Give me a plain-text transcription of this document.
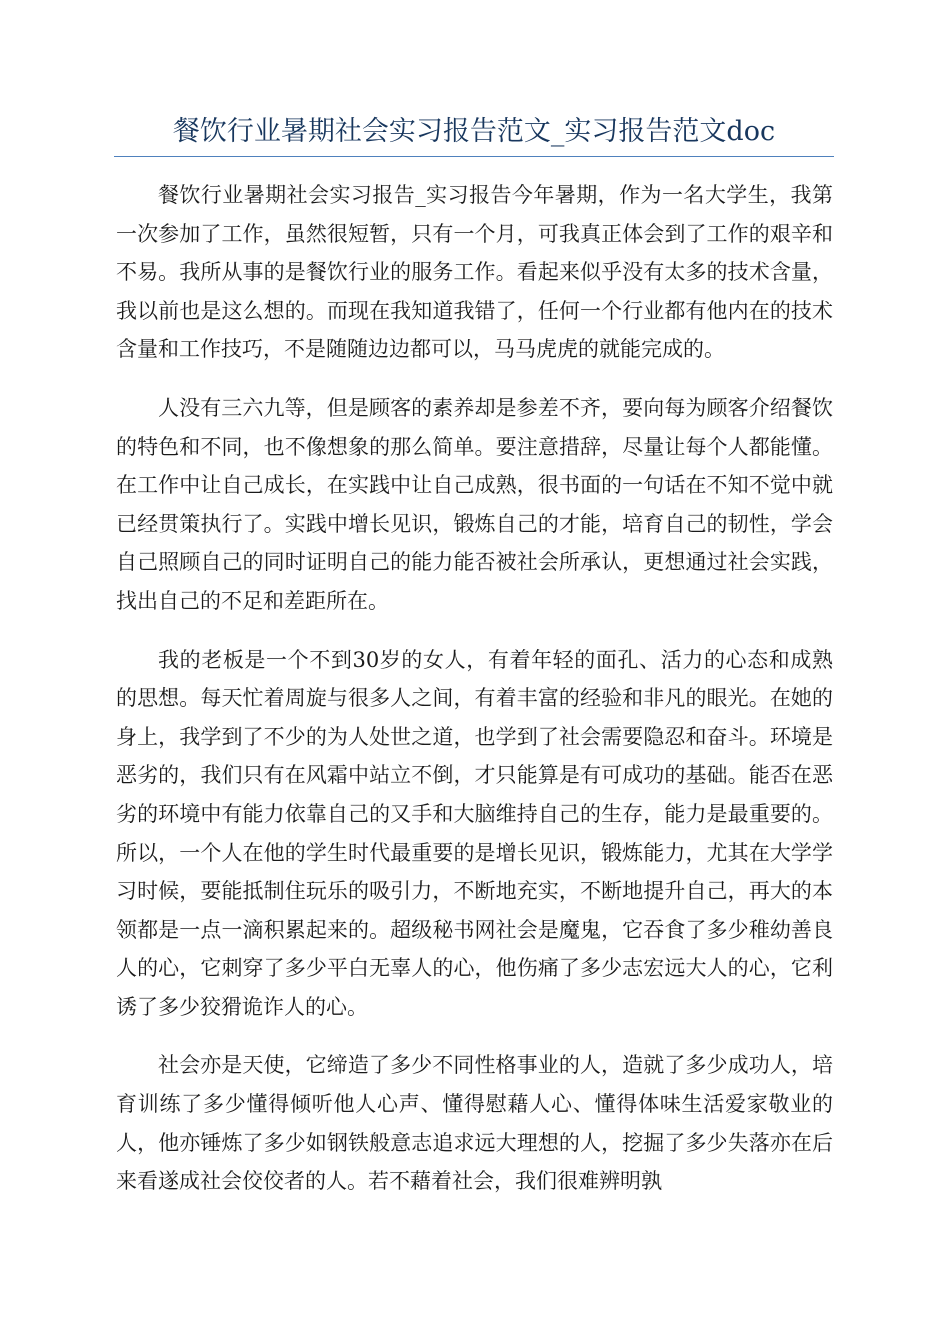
餐饮行业暑期社会实习报告范文_实习报告范文doc

餐饮行业暑期社会实习报告_实习报告今年暑期，作为一名大学生，我第一次参加了工作，虽然很短暂，只有一个月，可我真正体会到了工作的艰辛和不易。我所从事的是餐饮行业的服务工作。看起来似乎没有太多的技术含量，我以前也是这么想的。而现在我知道我错了，任何一个行业都有他内在的技术含量和工作技巧，不是随随边边都可以，马马虎虎的就能完成的。

人没有三六九等，但是顾客的素养却是参差不齐，要向每为顾客介绍餐饮的特色和不同，也不像想象的那么简单。要注意措辞，尽量让每个人都能懂。在工作中让自己成长，在实践中让自己成熟，很书面的一句话在不知不觉中就已经贯策执行了。实践中增长见识，锻炼自己的才能，培育自己的韧性，学会自己照顾自己的同时证明自己的能力能否被社会所承认，更想通过社会实践，找出自己的不足和差距所在。

我的老板是一个不到30岁的女人，有着年轻的面孔、活力的心态和成熟的思想。每天忙着周旋与很多人之间，有着丰富的经验和非凡的眼光。在她的身上，我学到了不少的为人处世之道，也学到了社会需要隐忍和奋斗。环境是恶劣的，我们只有在风霜中站立不倒，才只能算是有可成功的基础。能否在恶劣的环境中有能力依靠自己的又手和大脑维持自己的生存，能力是最重要的。所以，一个人在他的学生时代最重要的是增长见识，锻炼能力，尤其在大学学习时候，要能抵制住玩乐的吸引力，不断地充实，不断地提升自己，再大的本领都是一点一滴积累起来的。超级秘书网社会是魔鬼，它吞食了多少稚幼善良人的心，它刺穿了多少平白无辜人的心，他伤痛了多少志宏远大人的心，它利诱了多少狡猾诡诈人的心。

社会亦是天使，它缔造了多少不同性格事业的人，造就了多少成功人，培育训练了多少懂得倾听他人心声、懂得慰藉人心、懂得体味生活爱家敬业的人，他亦锤炼了多少如钢铁般意志追求远大理想的人，挖掘了多少失落亦在后来看遂成社会佼佼者的人。若不藉着社会，我们很难辨明孰
